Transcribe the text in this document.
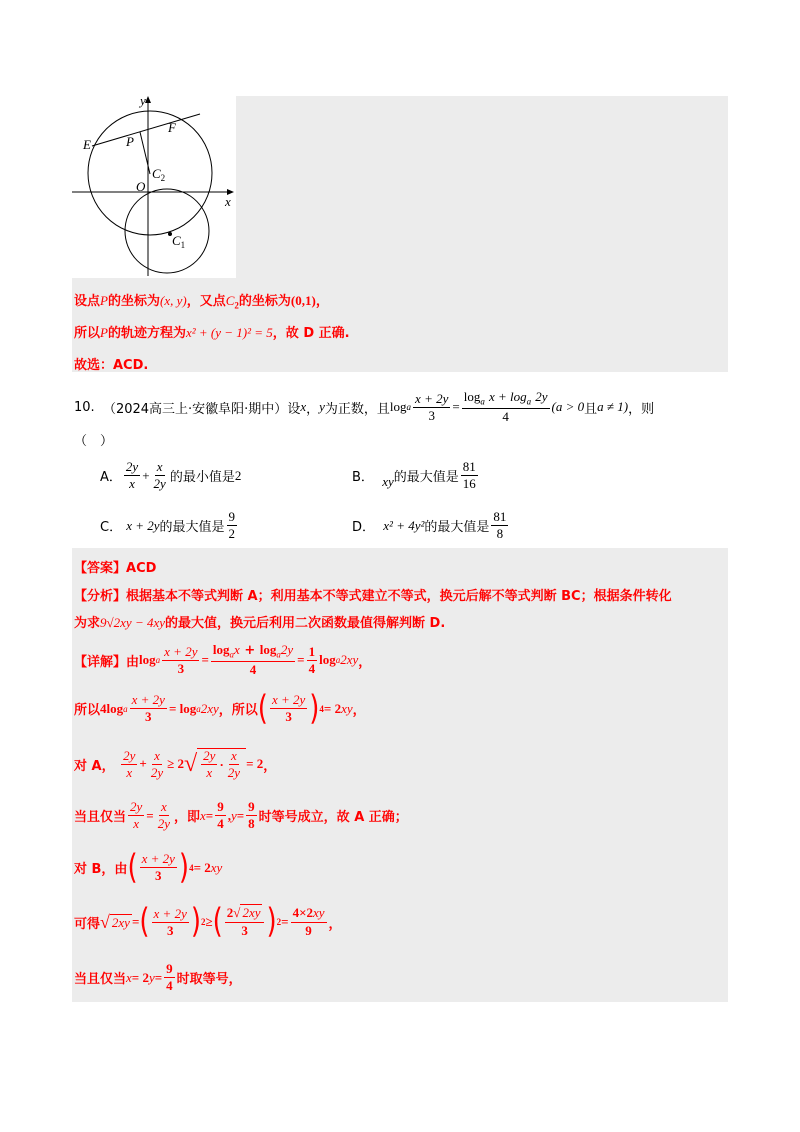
y
x
E
F
P
O
$C_2$
$C_1$
设点P的坐标为(x, y)，又点$C_2$的坐标为(0,1)，
所以P的轨迹方程为x² + (y − 1)² = 5，故 D 正确.
故选：ACD.
10.
（2024高三上·安徽阜阳·期中） 设 x ， y 为正数，且 log a $\frac{x + 2y}{3} = \frac{\log_a x + \log_a 2y}{4} (a > 0$ 且 a ≠ 1) ，则
（　）
A． $\frac{2y}{x} + \frac{x}{2y}$ 的最小值是 2	B．
xy 的最大值是 $\frac{81}{16}$
C．
x + 2y 的最大值是 $\frac{9}{2}$	D．
x² + 4y² 的最大值是 $\frac{81}{8}$
【答案】ACD
【分析】根据基本不等式判断 A；利用基本不等式建立不等式，换元后解不等式判断 BC；根据条件转化
为求9√2xy − 4xy的最大值，换元后利用二次函数最值得解判断 D.
【详解】 由 log a $\frac{x + 2y}{3} = \frac{\log_ax + \log_a2y}{4} = \frac{1}{4}$ log a 2xy ，
所以 4log a $\frac{x + 2y}{3} = \log a$ 2xy ，所以 ( $\frac{x + 2y}{3}$ ) 4 = 2 xy ，
对 A，
$\frac{2y}{x} + \frac{x}{2y} \ge 2$ √ $\frac{2y}{x} \cdot \frac{x}{2y} = 2$ ，
当且仅当 $\frac{2y}{x} = \frac{x}{2y}$ ，即 $x = \frac{9}{4}$ , $y = \frac{9}{8}$ 时等号成立，故 A 正确；
对 B，由 ( $\frac{x + 2y}{3}$ ) 4 = 2 xy
可得 √ 2xy = ( $\frac{x + 2y}{3}$ ) 2 ≥ ( $\frac{2√ 2xy}{3}$ ) $2 = \frac{4\times 2xy}{9}$ ，
当且仅当 x = 2 $y = \frac{9}{4}$ 时取等号，
